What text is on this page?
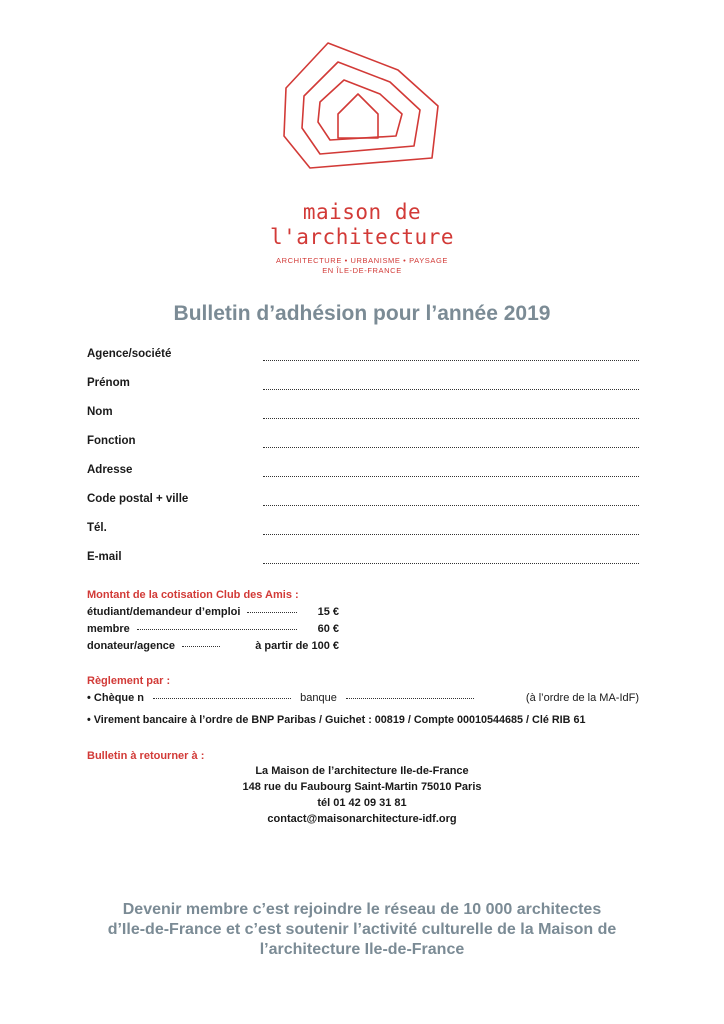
maison de
l'architecture
ARCHITECTURE • URBANISME • PAYSAGE
EN ÎLE-DE-FRANCE
Bulletin d’adhésion pour l’année 2019
Agence/société
Prénom
Nom
Fonction
Adresse
Code postal + ville
Tél.
E-mail
Montant de la cotisation Club des Amis :
étudiant/demandeur d’emploi	15 €
membre	60 €
donateur/agence	à partir de 100 €
Règlement par :
• Chèque n	banque	(à l’ordre de la MA-IdF)
• Virement bancaire à l’ordre de BNP Paribas / Guichet : 00819 / Compte 00010544685 / Clé RIB 61
Bulletin à retourner à :
La Maison de l’architecture Ile-de-France
148 rue du Faubourg Saint-Martin 75010 Paris
tél 01 42 09 31 81
contact@maisonarchitecture-idf.org
Devenir membre c’est rejoindre le réseau de 10 000 architectes
d’Ile-de-France et c’est soutenir l’activité culturelle de la Maison de
l’architecture Ile-de-France
